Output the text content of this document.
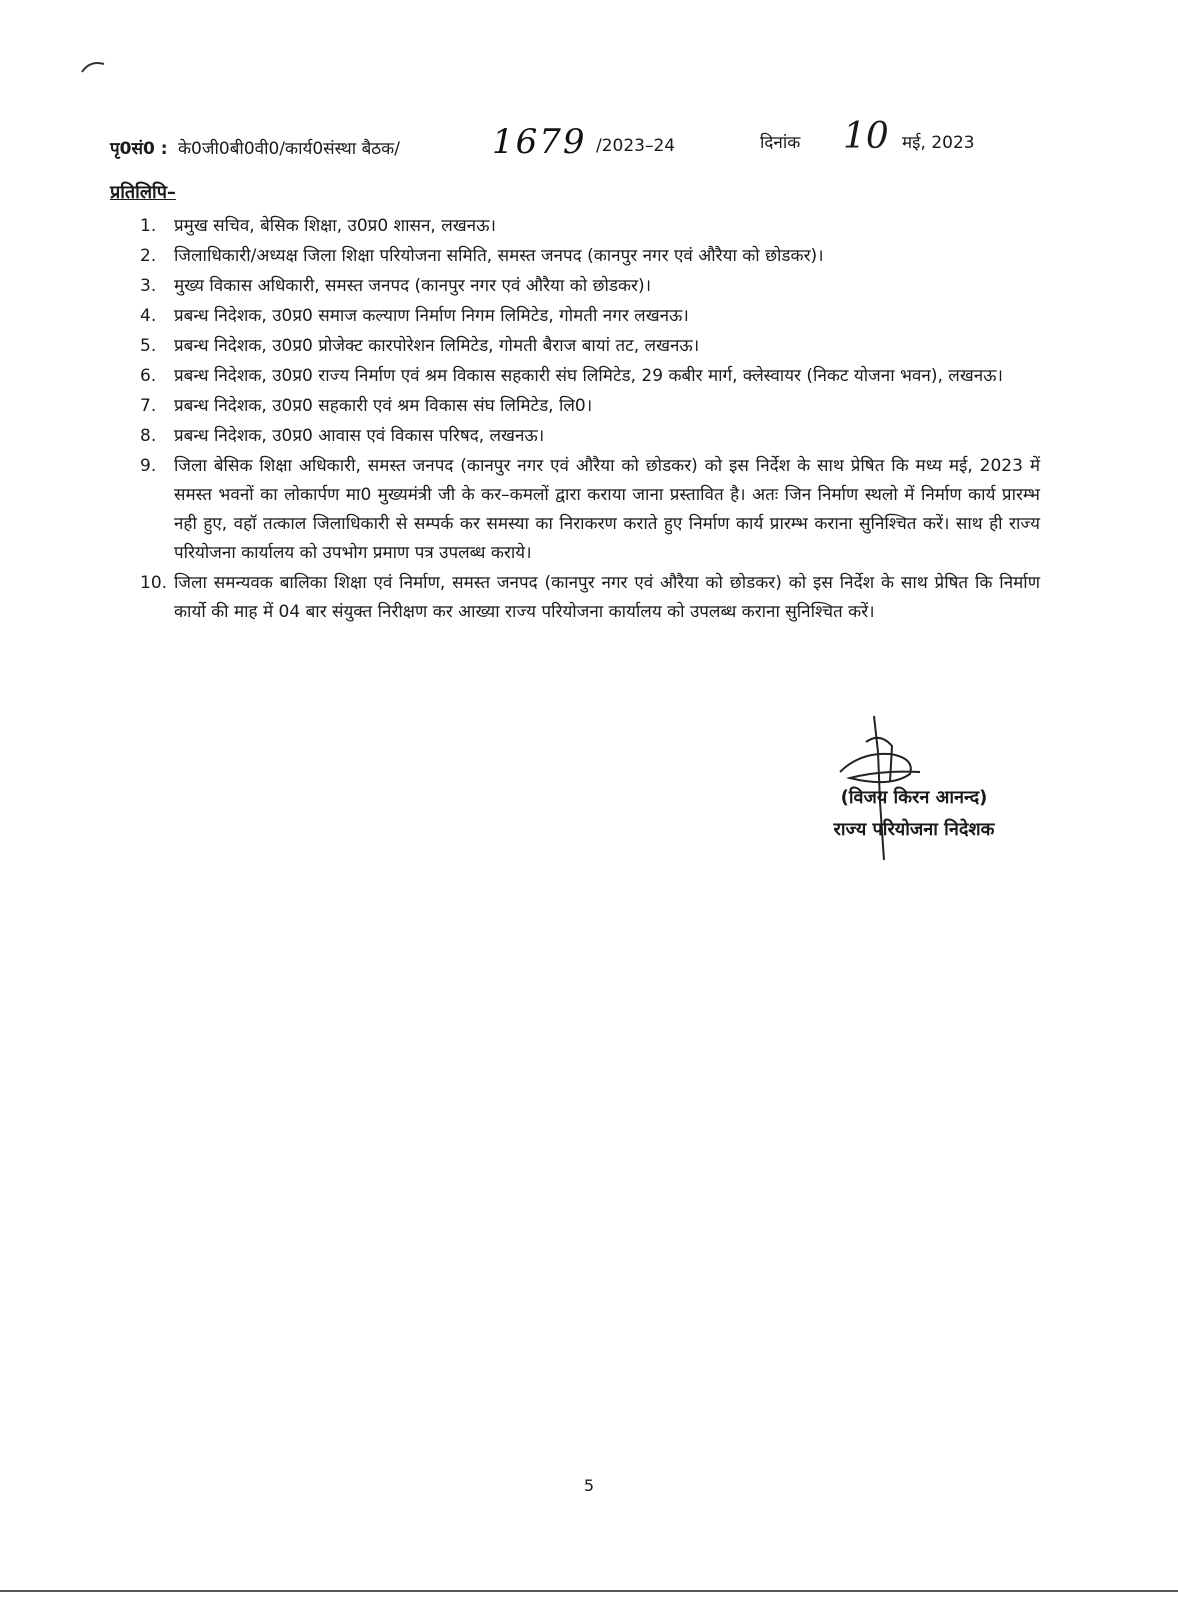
पृ0सं0 : के0जी0बी0वी0/कार्य0संस्था बैठक/	1679 /2023–24	दिनांक 10 मई, 2023
प्रतिलिपि–
1. प्रमुख सचिव, बेसिक शिक्षा, उ0प्र0 शासन, लखनऊ।
2. जिलाधिकारी/अध्यक्ष जिला शिक्षा परियोजना समिति, समस्त जनपद (कानपुर नगर एवं औरैया को छोडकर)।
3. मुख्य विकास अधिकारी, समस्त जनपद (कानपुर नगर एवं औरैया को छोडकर)।
4. प्रबन्ध निदेशक, उ0प्र0 समाज कल्याण निर्माण निगम लिमिटेड, गोमती नगर लखनऊ।
5. प्रबन्ध निदेशक, उ0प्र0 प्रोजेक्ट कारपोरेशन लिमिटेड, गोमती बैराज बायां तट, लखनऊ।
6. प्रबन्ध निदेशक, उ0प्र0 राज्य निर्माण एवं श्रम विकास सहकारी संघ लिमिटेड, 29 कबीर मार्ग, क्लेस्वायर (निकट योजना भवन), लखनऊ।
7. प्रबन्ध निदेशक, उ0प्र0 सहकारी एवं श्रम विकास संघ लिमिटेड, लि0।
8. प्रबन्ध निदेशक, उ0प्र0 आवास एवं विकास परिषद, लखनऊ।
9. जिला बेसिक शिक्षा अधिकारी, समस्त जनपद (कानपुर नगर एवं औरैया को छोडकर) को इस निर्देश के साथ प्रेषित कि मध्य मई, 2023 में समस्त भवनों का लोकार्पण मा0 मुख्यमंत्री जी के कर–कमलों द्वारा कराया जाना प्रस्तावित है। अतः जिन निर्माण स्थलो में निर्माण कार्य प्रारम्भ नही हुए, वहॉ तत्काल जिलाधिकारी से सम्पर्क कर समस्या का निराकरण कराते हुए निर्माण कार्य प्रारम्भ कराना सुनिश्चित करें। साथ ही राज्य परियोजना कार्यालय को उपभोग प्रमाण पत्र उपलब्ध कराये।
10. जिला समन्यवक बालिका शिक्षा एवं निर्माण, समस्त जनपद (कानपुर नगर एवं औरैया को छोडकर) को इस निर्देश के साथ प्रेषित कि निर्माण कार्यो की माह में 04 बार संयुक्त निरीक्षण कर आख्या राज्य परियोजना कार्यालय को उपलब्ध कराना सुनिश्चित करें।
(विजय किरन आनन्द)
राज्य परियोजना निदेशक
5
